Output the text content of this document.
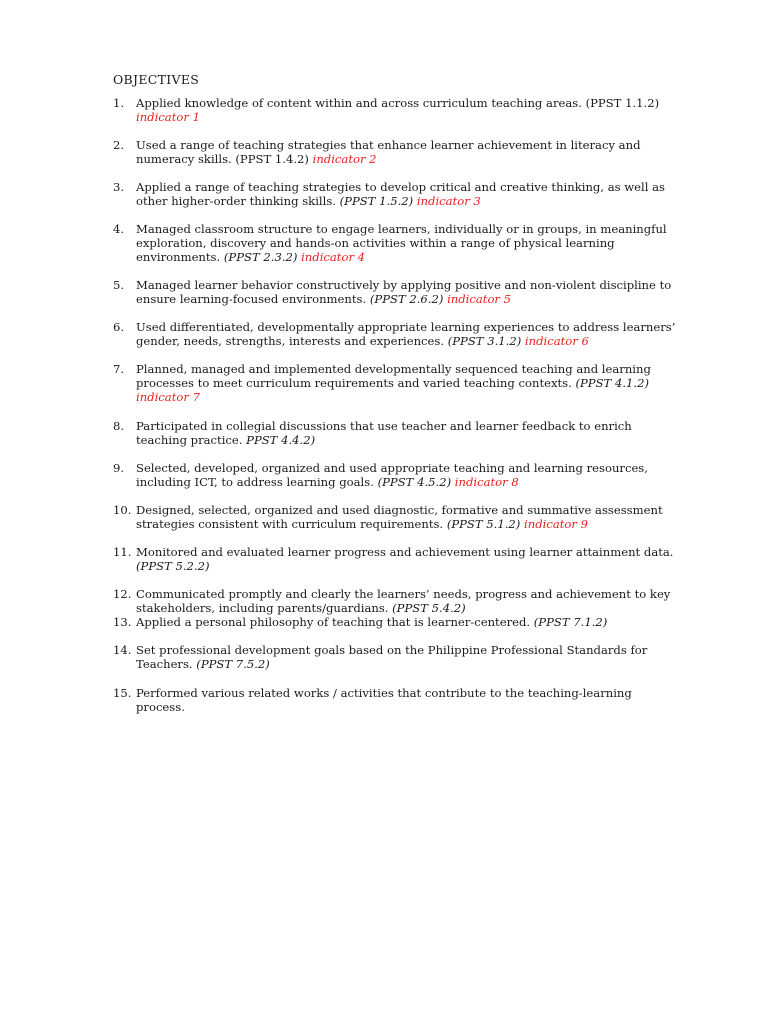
OBJECTIVES
1.	Applied knowledge of content within and across curriculum teaching areas. (PPST 1.1.2) indicator 1
2.	Used a range of teaching strategies that enhance learner achievement in literacy and numeracy skills. (PPST 1.4.2) indicator 2
3.	Applied a range of teaching strategies to develop critical and creative thinking, as well as other higher-order thinking skills. (PPST 1.5.2) indicator 3
4.	Managed classroom structure to engage learners, individually or in groups, in meaningful exploration, discovery and hands-on activities within a range of physical learning environments. (PPST 2.3.2) indicator 4
5.	Managed learner behavior constructively by applying positive and non-violent discipline to ensure learning-focused environments. (PPST 2.6.2) indicator 5
6.	Used differentiated, developmentally appropriate learning experiences to address learners’ gender, needs, strengths, interests and experiences. (PPST 3.1.2) indicator 6
7.	Planned, managed and implemented developmentally sequenced teaching and learning processes to meet curriculum requirements and varied teaching contexts. (PPST 4.1.2) indicator 7
8.	Participated in collegial discussions that use teacher and learner feedback to enrich teaching practice. PPST 4.4.2)
9.	Selected, developed, organized and used appropriate teaching and learning resources, including ICT, to address learning goals. (PPST 4.5.2) indicator 8
10. Designed, selected, organized and used diagnostic, formative and summative assessment strategies consistent with curriculum requirements. (PPST 5.1.2) indicator 9
11. Monitored and evaluated learner progress and achievement using learner attainment data. (PPST 5.2.2)
12. Communicated promptly and clearly the learners’ needs, progress and achievement to key stakeholders, including parents/guardians. (PPST 5.4.2)
13. Applied a personal philosophy of teaching that is learner-centered. (PPST 7.1.2)
14. Set professional development goals based on the Philippine Professional Standards for Teachers. (PPST 7.5.2)
15. Performed various related works / activities that contribute to the teaching-learning process.
